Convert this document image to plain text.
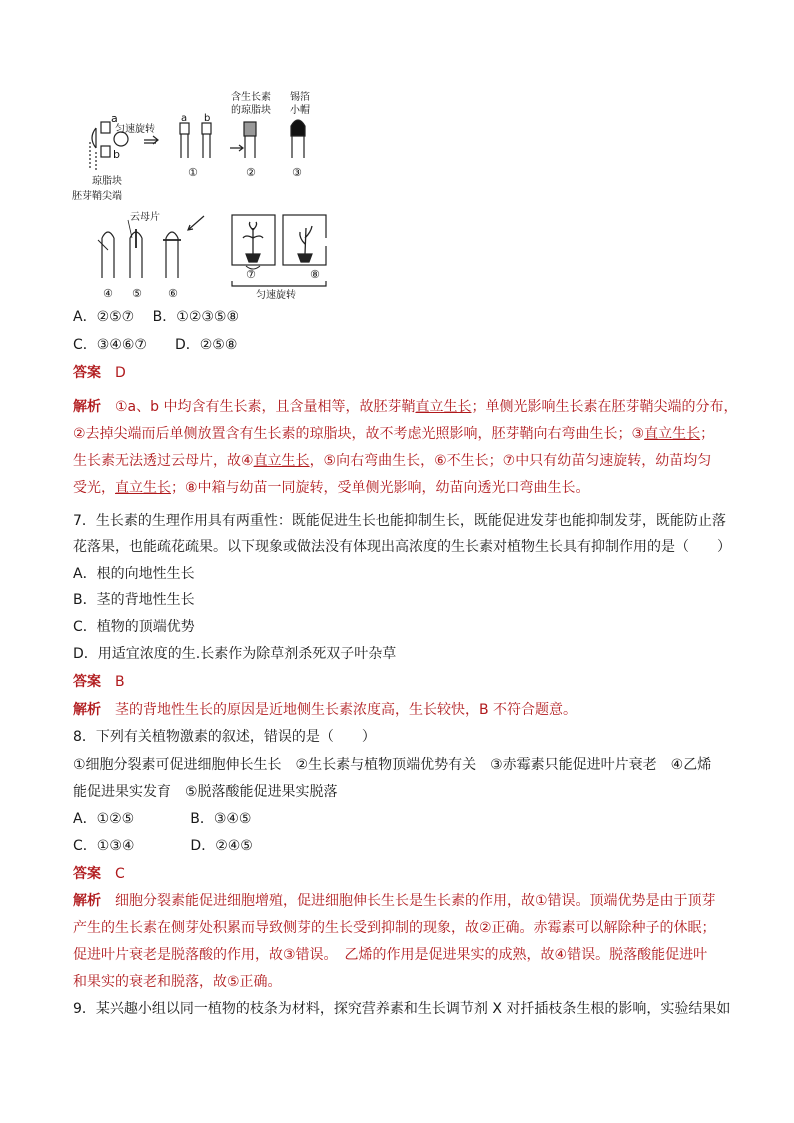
a
b
匀速旋转
琼脂块
胚芽鞘尖端
a b
含生长素
的琼脂块
锡箔
小帽
①	②	③
云母片
④ ⑤ ⑥
⑦	⑧
匀速旋转
A．②⑤⑦　 B．①②③⑤⑧
C．③④⑥⑦　　D．②⑤⑧
答案 D
解析 ①a、b 中均含有生长素，且含量相等，故胚芽鞘直立生长；单侧光影响生长素在胚芽鞘尖端的分布，
②去掉尖端而后单侧放置含有生长素的琼脂块，故不考虑光照影响，胚芽鞘向右弯曲生长；③直立生长；
生长素无法透过云母片，故④直立生长，⑤向右弯曲生长，⑥不生长；⑦中只有幼苗匀速旋转，幼苗均匀
受光，直立生长；⑧中箱与幼苗一同旋转，受单侧光影响，幼苗向透光口弯曲生长。
7．生长素的生理作用具有两重性：既能促进生长也能抑制生长，既能促进发芽也能抑制发芽，既能防止落
花落果，也能疏花疏果。以下现象或做法没有体现出高浓度的生长素对植物生长具有抑制作用的是（　　）
A．根的向地性生长
B．茎的背地性生长
C．植物的顶端优势
D．用适宜浓度的生.长素作为除草剂杀死双子叶杂草
答案 B
解析 茎的背地性生长的原因是近地侧生长素浓度高，生长较快，B 不符合题意。
8．下列有关植物激素的叙述，错误的是（　　）
①细胞分裂素可促进细胞伸长生长　②生长素与植物顶端优势有关　③赤霉素只能促进叶片衰老　④乙烯
能促进果实发育　⑤脱落酸能促进果实脱落
A．①②⑤　　　　B．③④⑤
C．①③④　　　　D．②④⑤
答案 C
解析 细胞分裂素能促进细胞增殖，促进细胞伸长生长是生长素的作用，故①错误。顶端优势是由于顶芽
产生的生长素在侧芽处积累而导致侧芽的生长受到抑制的现象，故②正确。赤霉素可以解除种子的休眠；
促进叶片衰老是脱落酸的作用，故③错误。　乙烯的作用是促进果实的成熟，故④错误。脱落酸能促进叶
和果实的衰老和脱落，故⑤正确。
9．某兴趣小组以同一植物的枝条为材料，探究营养素和生长调节剂 X 对扦插枝条生根的影响，实验结果如
